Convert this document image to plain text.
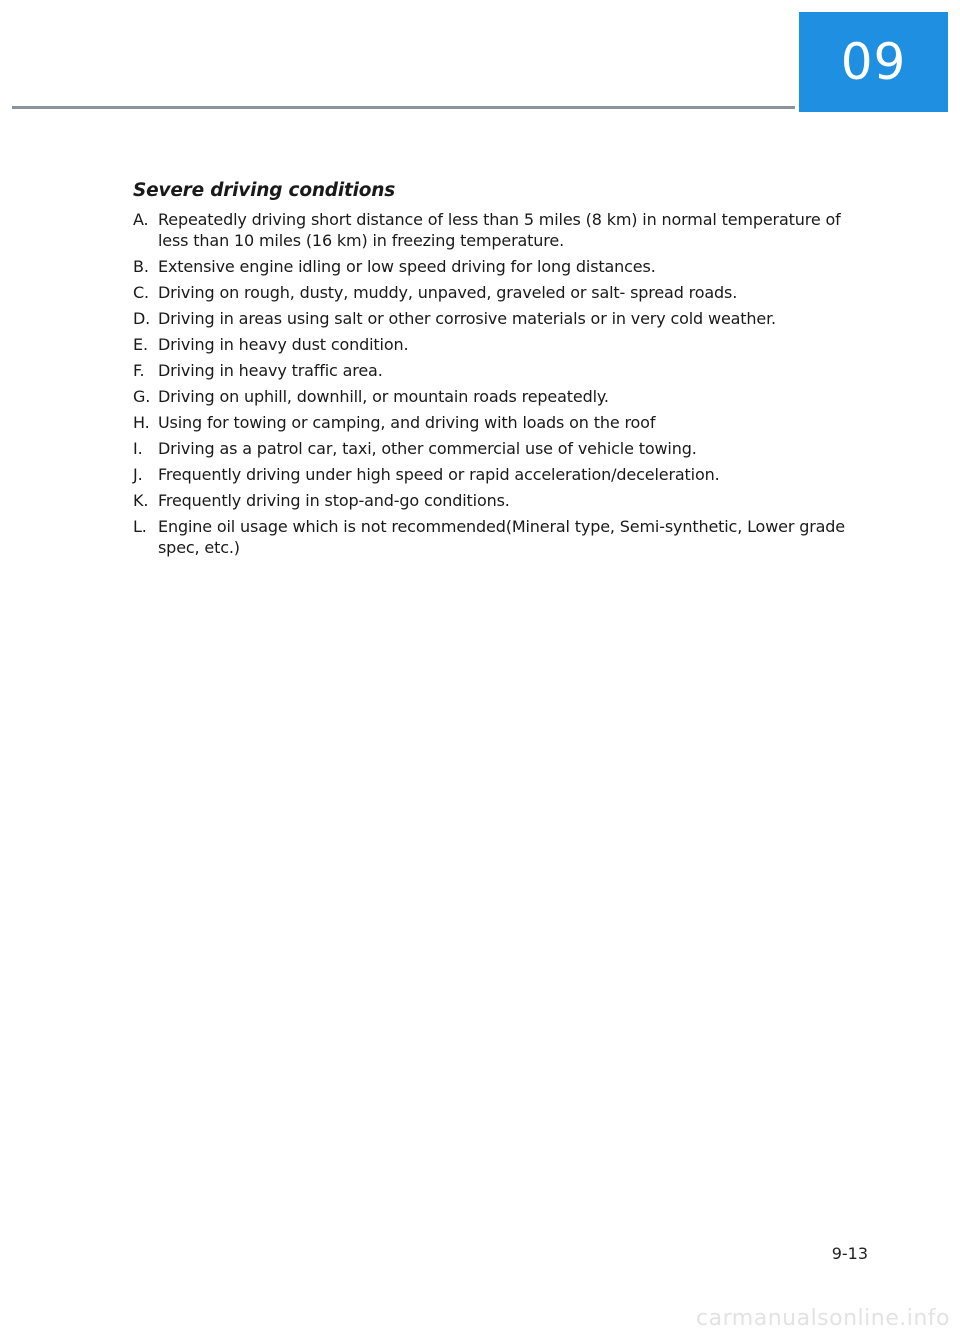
09
Severe driving conditions
A. Repeatedly driving short distance of less than 5 miles (8 km) in normal temperature of less than 10 miles (16 km) in freezing temperature.
B. Extensive engine idling or low speed driving for long distances.
C. Driving on rough, dusty, muddy, unpaved, graveled or salt- spread roads.
D. Driving in areas using salt or other corrosive materials or in very cold weather.
E. Driving in heavy dust condition.
F. Driving in heavy traffic area.
G. Driving on uphill, downhill, or mountain roads repeatedly.
H. Using for towing or camping, and driving with loads on the roof
I. Driving as a patrol car, taxi, other commercial use of vehicle towing.
J. Frequently driving under high speed or rapid acceleration/deceleration.
K. Frequently driving in stop-and-go conditions.
L. Engine oil usage which is not recommended(Mineral type, Semi-synthetic, Lower grade spec, etc.)
9-13
carmanualsonline.info
